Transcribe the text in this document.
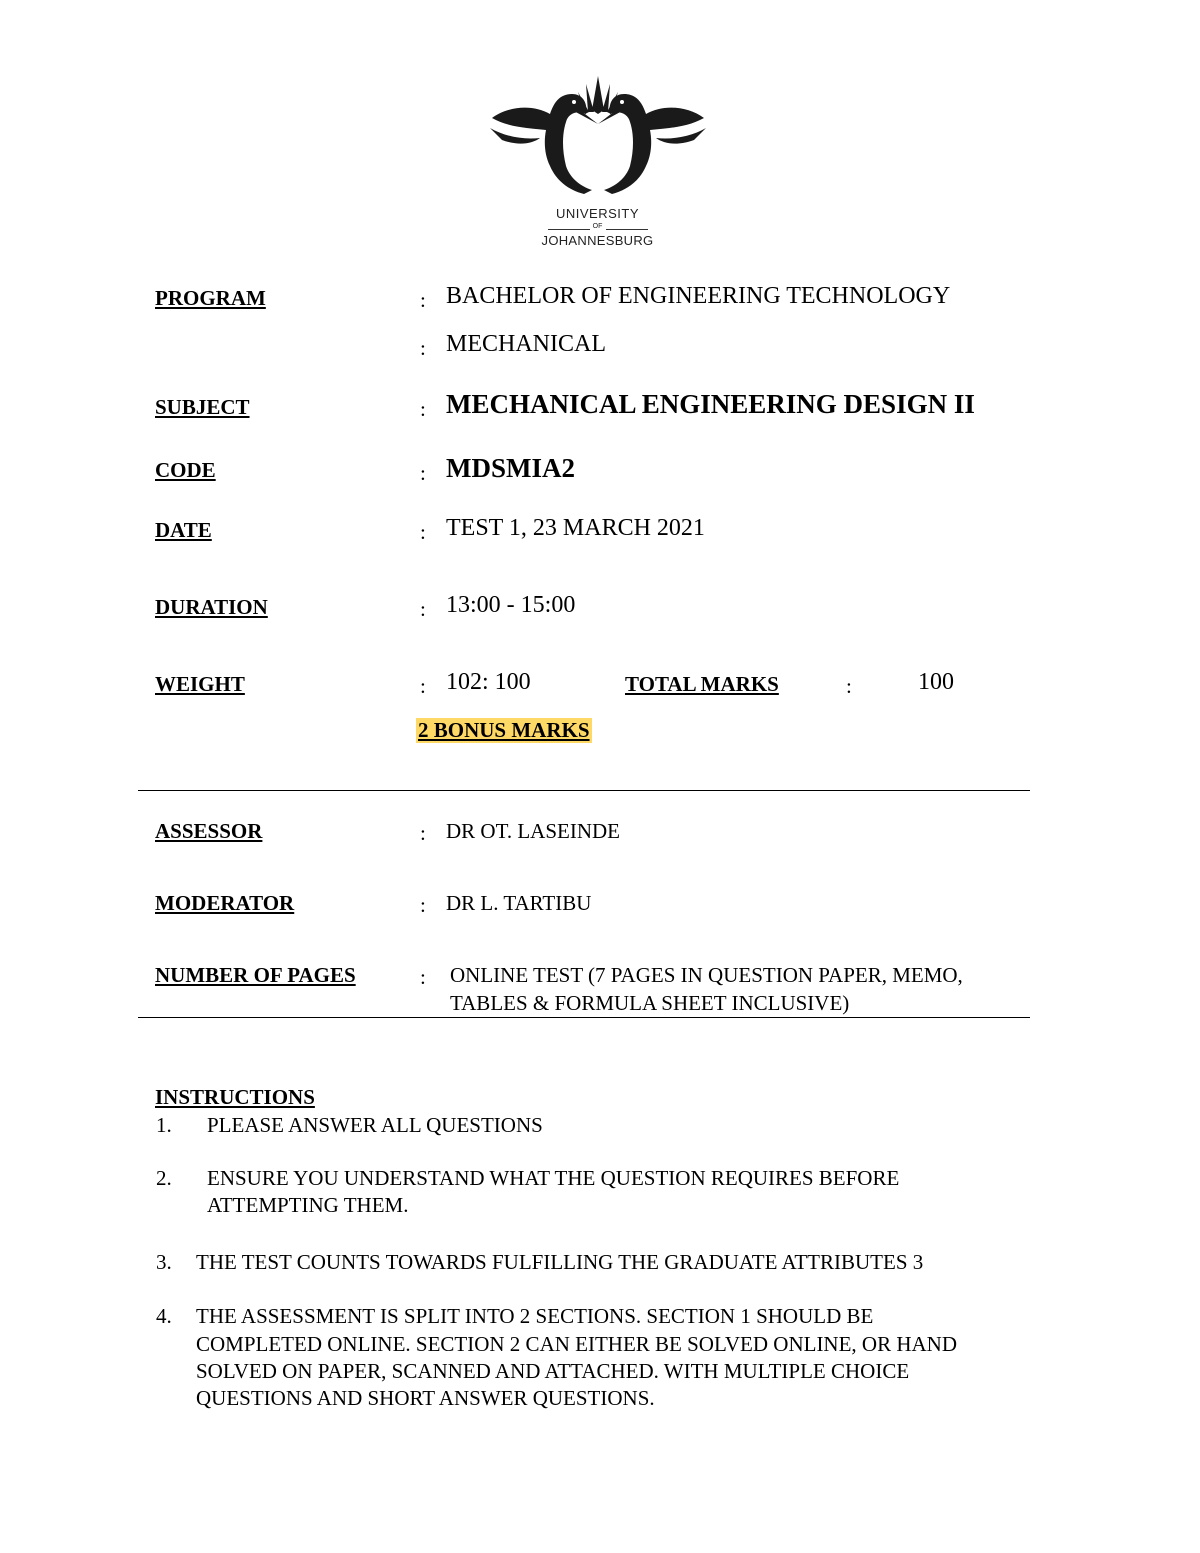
UNIVERSITY
OF
JOHANNESBURG
PROGRAM	: BACHELOR OF ENGINEERING TECHNOLOGY
: MECHANICAL
SUBJECT	: MECHANICAL ENGINEERING DESIGN II
CODE	: MDSMIA2
DATE	: TEST 1, 23 MARCH 2021
DURATION	: 13:00 - 15:00
WEIGHT	: 102: 100	TOTAL MARKS	:	100
2 BONUS MARKS
ASSESSOR	: DR OT. LASEINDE
MODERATOR	: DR L. TARTIBU
NUMBER OF PAGES	: ONLINE TEST (7 PAGES IN QUESTION PAPER, MEMO,
TABLES & FORMULA SHEET INCLUSIVE)
INSTRUCTIONS
1. PLEASE ANSWER ALL QUESTIONS
2. ENSURE YOU UNDERSTAND WHAT THE QUESTION REQUIRES BEFORE
ATTEMPTING THEM.
3. THE TEST COUNTS TOWARDS FULFILLING THE GRADUATE ATTRIBUTES 3
4. THE ASSESSMENT IS SPLIT INTO 2 SECTIONS. SECTION 1 SHOULD BE
COMPLETED ONLINE. SECTION 2 CAN EITHER BE SOLVED ONLINE, OR HAND
SOLVED ON PAPER, SCANNED AND ATTACHED. WITH MULTIPLE CHOICE
QUESTIONS AND SHORT ANSWER QUESTIONS.
